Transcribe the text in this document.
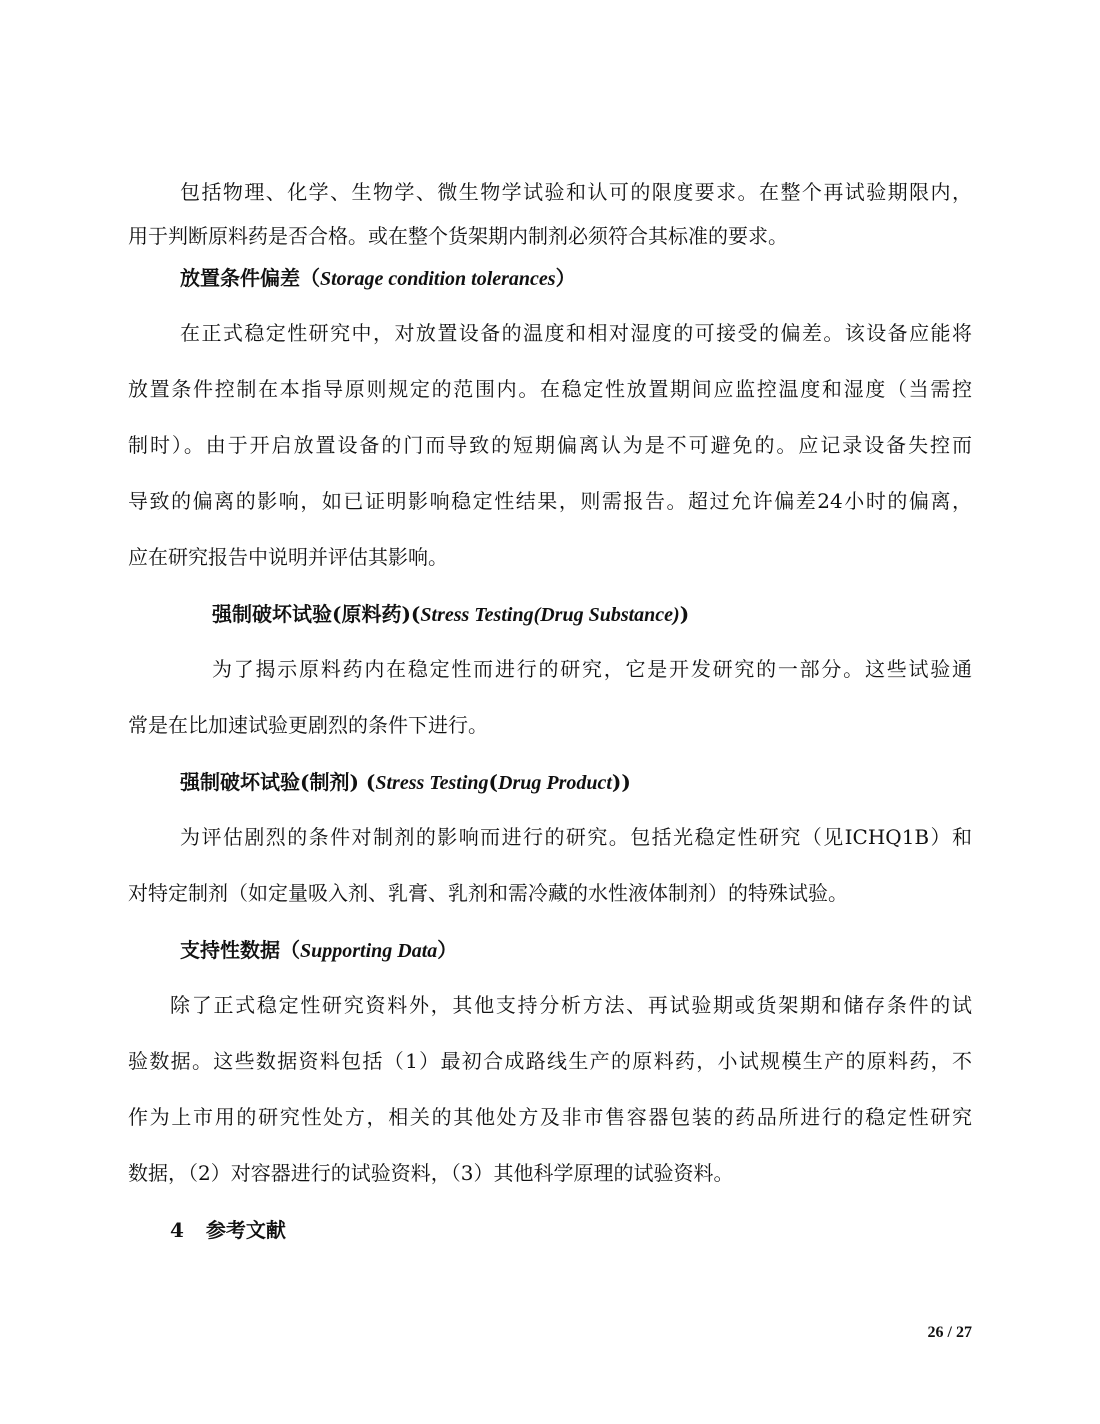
包括物理、化学、生物学、微生物学试验和认可的限度要求。在整个再试验期限内，
用于判断原料药是否合格。或在整个货架期内制剂必须符合其标准的要求。
放置条件偏差（Storage condition tolerances）
在正式稳定性研究中，对放置设备的温度和相对湿度的可接受的偏差。该设备应能将
放置条件控制在本指导原则规定的范围内。在稳定性放置期间应监控温度和湿度（当需控
制时）。由于开启放置设备的门而导致的短期偏离认为是不可避免的。应记录设备失控而
导致的偏离的影响，如已证明影响稳定性结果，则需报告。超过允许偏差24小时的偏离，
应在研究报告中说明并评估其影响。
强制破坏试验(原料药)(Stress Testing(Drug Substance))
为了揭示原料药内在稳定性而进行的研究，它是开发研究的一部分。这些试验通
常是在比加速试验更剧烈的条件下进行。
强制破坏试验(制剂) (Stress Testing(Drug Product))
为评估剧烈的条件对制剂的影响而进行的研究。包括光稳定性研究（见ICHQ1B）和
对特定制剂（如定量吸入剂、乳膏、乳剂和需冷藏的水性液体制剂）的特殊试验。
支持性数据（Supporting Data）
除了正式稳定性研究资料外，其他支持分析方法、再试验期或货架期和储存条件的试
验数据。这些数据资料包括（1）最初合成路线生产的原料药，小试规模生产的原料药，不
作为上市用的研究性处方，相关的其他处方及非市售容器包装的药品所进行的稳定性研究
数据，（2）对容器进行的试验资料，（3）其他科学原理的试验资料。
4 参考文献
26 / 27
